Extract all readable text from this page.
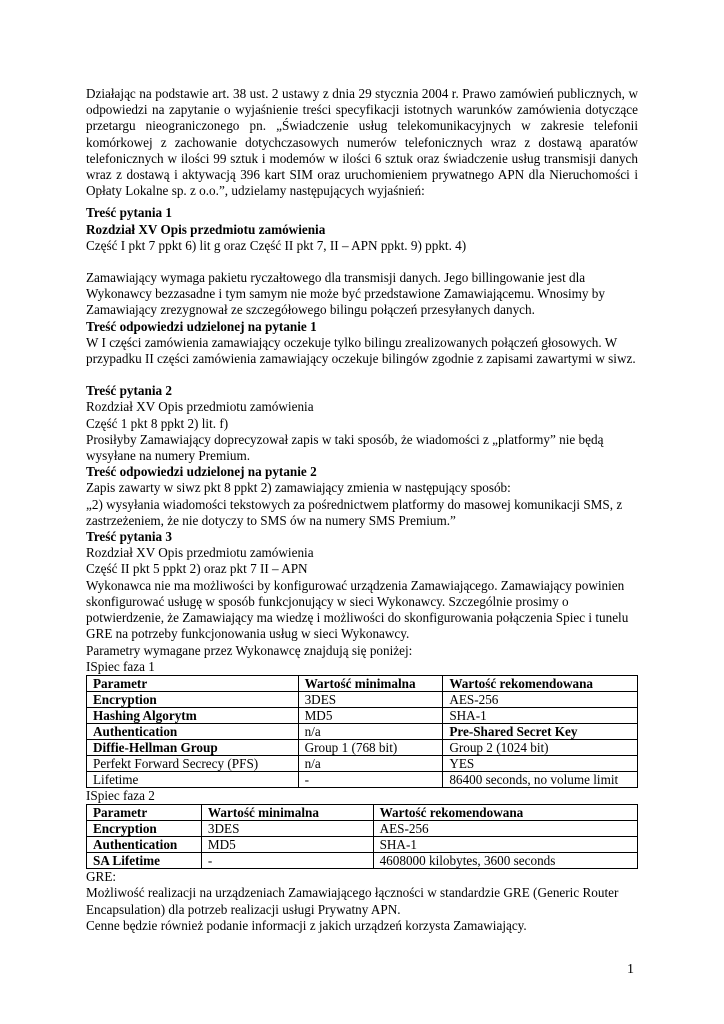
Działając na podstawie art. 38 ust. 2 ustawy z dnia 29 stycznia 2004 r. Prawo zamówień publicznych, w odpowiedzi na zapytanie o wyjaśnienie treści specyfikacji istotnych warunków zamówienia dotyczące przetargu nieograniczonego pn. „Świadczenie usług telekomunikacyjnych w zakresie telefonii komórkowej z zachowanie dotychczasowych numerów telefonicznych wraz z dostawą aparatów telefonicznych w ilości 99 sztuk i modemów w ilości 6 sztuk oraz świadczenie usług transmisji danych wraz z dostawą i aktywacją 396 kart SIM oraz uruchomieniem prywatnego APN dla Nieruchomości i Opłaty Lokalne sp. z o.o.”, udzielamy następujących wyjaśnień:

Treść pytania 1

Rozdział XV Opis przedmiotu zamówienia

Część I pkt 7 ppkt 6) lit g oraz Część II pkt 7, II – APN ppkt. 9) ppkt. 4)

Zamawiający wymaga pakietu ryczałtowego dla transmisji danych. Jego billingowanie jest dla Wykonawcy bezzasadne i tym samym nie może być przedstawione Zamawiającemu. Wnosimy by Zamawiający zrezygnował ze szczegółowego bilingu połączeń przesyłanych danych.

Treść odpowiedzi udzielonej na pytanie 1

W I części zamówienia zamawiający oczekuje tylko bilingu zrealizowanych połączeń głosowych. W przypadku II części zamówienia zamawiający oczekuje bilingów zgodnie z zapisami zawartymi w siwz.

Treść pytania 2

Rozdział XV Opis przedmiotu zamówienia

Część 1 pkt 8 ppkt 2) lit. f)

Prosiłyby Zamawiający doprecyzował zapis w taki sposób, że wiadomości z „platformy” nie będą wysyłane na numery Premium.

Treść odpowiedzi udzielonej na pytanie 2

Zapis zawarty w siwz pkt 8 ppkt 2) zamawiający zmienia w następujący sposób:

„2) wysyłania wiadomości tekstowych za pośrednictwem platformy do masowej komunikacji SMS, z zastrzeżeniem, że nie dotyczy to SMS ów na numery SMS Premium.”

Treść pytania 3

Rozdział XV Opis przedmiotu zamówienia

Część II pkt 5 ppkt 2) oraz pkt 7 II – APN

Wykonawca nie ma możliwości by konfigurować urządzenia Zamawiającego. Zamawiający powinien skonfigurować usługę w sposób funkcjonujący w sieci Wykonawcy. Szczególnie prosimy o potwierdzenie, że Zamawiający ma wiedzę i możliwości do skonfigurowania połączenia Spiec i tunelu GRE na potrzeby funkcjonowania usług w sieci Wykonawcy.

Parametry wymagane przez Wykonawcę znajdują się poniżej:

ISpiec faza 1

Parametr	Wartość minimalna	Wartość rekomendowana
Encryption	3DES	AES-256
Hashing Algorytm	MD5	SHA-1
Authentication	n/a	Pre-Shared Secret Key
Diffie-Hellman Group	Group 1 (768 bit)	Group 2 (1024 bit)
Perfekt Forward Secrecy (PFS)	n/a	YES
Lifetime	-	86400 seconds, no volume limit

ISpiec faza 2

Parametr	Wartość minimalna	Wartość rekomendowana
Encryption	3DES	AES-256
Authentication	MD5	SHA-1
SA Lifetime	-	4608000 kilobytes, 3600 seconds

GRE:

Możliwość realizacji na urządzeniach Zamawiającego łączności w standardzie GRE (Generic Router Encapsulation) dla potrzeb realizacji usługi Prywatny APN.

Cenne będzie również podanie informacji z jakich urządzeń korzysta Zamawiający.

1
